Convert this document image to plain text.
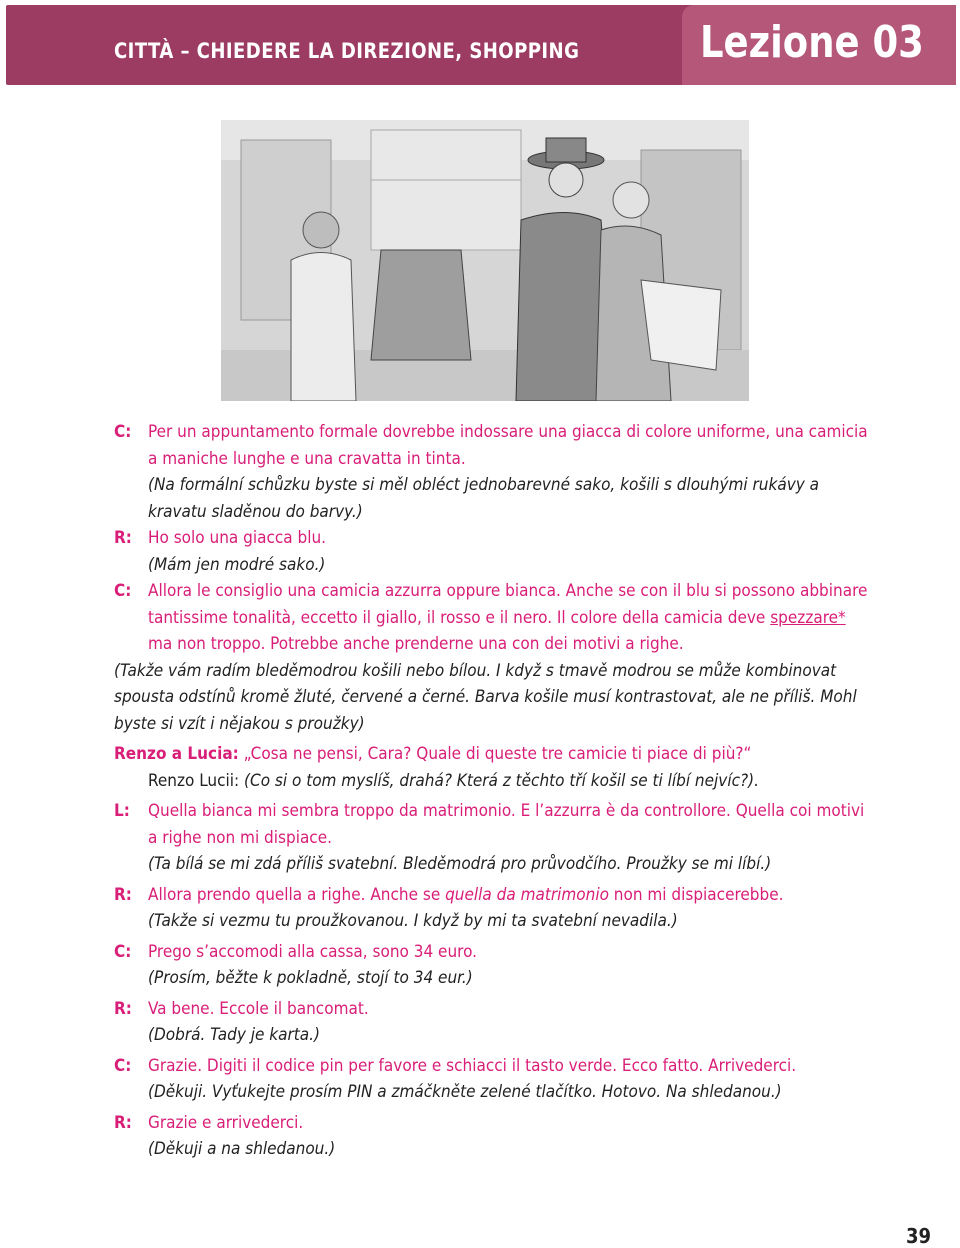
CITTÀ – CHIEDERE LA DIREZIONE, SHOPPING	Lezione 03
C: Per un appuntamento formale dovrebbe indossare una giacca di colore uniforme, una camicia a maniche lunghe e una cravatta in tinta.
(Na formální schůzku byste si měl obléct jednobarevné sako, košili s dlouhými rukávy a kravatu sladěnou do barvy.)
R: Ho solo una giacca blu.
(Mám jen modré sako.)
C: Allora le consiglio una camicia azzurra oppure bianca. Anche se con il blu si possono abbinare tantissime tonalità, eccetto il giallo, il rosso e il nero. Il colore della camicia deve spezzare* ma non troppo. Potrebbe anche prenderne una con dei motivi a righe.
(Takže vám radím bleděmodrou košili nebo bílou. I když s tmavě modrou se může kombinovat spousta odstínů kromě žluté, červené a černé. Barva košile musí kontrastovat, ale ne příliš. Mohl byste si vzít i nějakou s proužky)
Renzo a Lucia: „Cosa ne pensi, Cara? Quale di queste tre camicie ti piace di più?“
Renzo Lucii: (Co si o tom myslíš, drahá? Která z těchto tří košil se ti líbí nejvíc?).
L: Quella bianca mi sembra troppo da matrimonio. E l’azzurra è da controllore. Quella coi motivi a righe non mi dispiace.
(Ta bílá se mi zdá příliš svatební. Bleděmodrá pro průvodčího. Proužky se mi líbí.)
R: Allora prendo quella a righe. Anche se quella da matrimonio non mi dispiacerebbe.
(Takže si vezmu tu proužkovanou. I když by mi ta svatební nevadila.)
C: Prego s’accomodi alla cassa, sono 34 euro.
(Prosím, běžte k pokladně, stojí to 34 eur.)
R: Va bene. Eccole il bancomat.
(Dobrá. Tady je karta.)
C: Grazie. Digiti il codice pin per favore e schiacci il tasto verde. Ecco fatto. Arrivederci.
(Děkuji. Vyťukejte prosím PIN a zmáčkněte zelené tlačítko. Hotovo. Na shledanou.)
R: Grazie e arrivederci.
(Děkuji a na shledanou.)
39
